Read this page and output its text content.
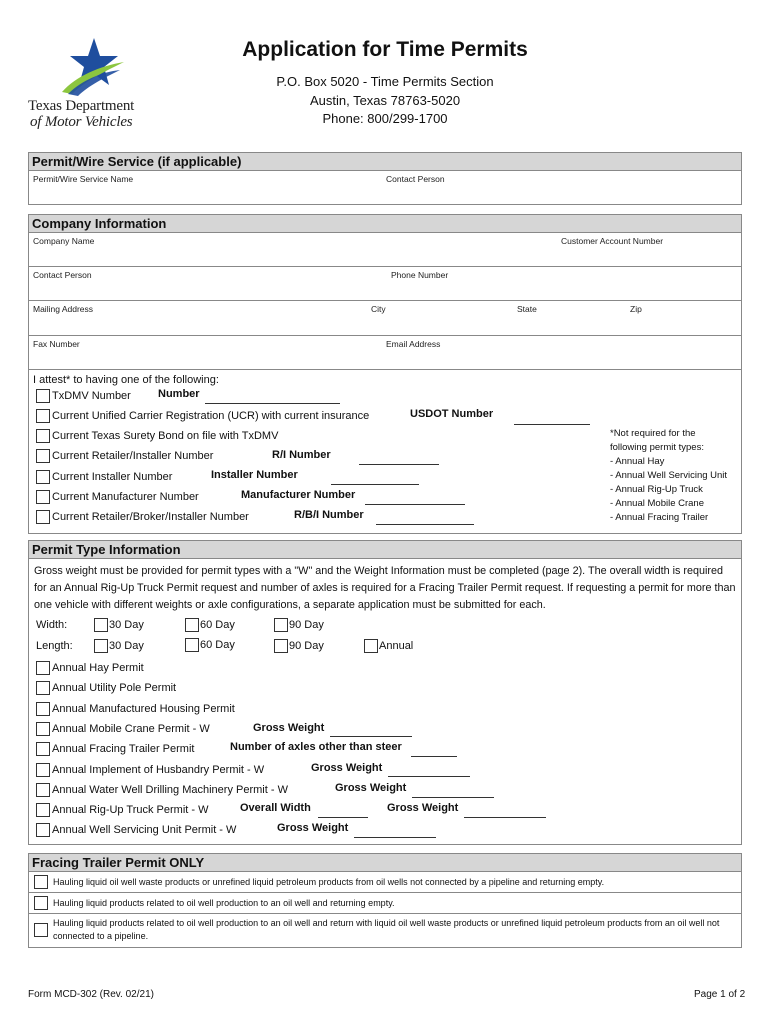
Texas Department
of Motor Vehicles
Application for Time Permits
P.O. Box 5020 - Time Permits Section
Austin, Texas 78763-5020
Phone: 800/299-1700
Permit/Wire Service (if applicable)
Permit/Wire Service Name	Contact Person
Company Information
Company Name	Customer Account Number
Contact Person	Phone Number
Mailing Address	City	State	Zip
Fax Number	Email Address
I attest* to having one of the following:
TxDMV Number Number
Current Unified Carrier Registration (UCR) with current insurance	USDOT Number
Current Texas Surety Bond on file with TxDMV
Current Retailer/Installer Number	R/I Number
Current Installer Number	Installer Number
Current Manufacturer Number	Manufacturer Number
Current Retailer/Broker/Installer Number	R/B/I Number
*Not required for the
following permit types:
- Annual Hay
- Annual Well Servicing Unit
- Annual Rig-Up Truck
- Annual Mobile Crane
- Annual Fracing Trailer
Permit Type Information
Gross weight must be provided for permit types with a "W" and the Weight Information must be completed (page 2). The overall width is required for an Annual Rig-Up Truck Permit request and number of axles is required for a Fracing Trailer Permit request. If requesting a permit for more than one vehicle with different weights or axle configurations, a separate application must be submitted for each.
Width:	30 Day	60 Day	90 Day
Length:	30 Day	60 Day	90 Day	Annual
Annual Hay Permit
Annual Utility Pole Permit
Annual Manufactured Housing Permit
Annual Mobile Crane Permit - W	Gross Weight
Annual Fracing Trailer Permit	Number of axles other than steer
Annual Implement of Husbandry Permit - W	Gross Weight
Annual Water Well Drilling Machinery Permit - W	Gross Weight
Annual Rig-Up Truck Permit - W	Overall Width	Gross Weight
Annual Well Servicing Unit Permit - W	Gross Weight
Fracing Trailer Permit ONLY
Hauling liquid oil well waste products or unrefined liquid petroleum products from oil wells not connected by a pipeline and returning empty.
Hauling liquid products related to oil well production to an oil well and returning empty.
Hauling liquid products related to oil well production to an oil well and return with liquid oil well waste products or unrefined liquid petroleum products from an oil well not connected to a pipeline.
Form MCD-302 (Rev. 02/21)	Page 1 of 2
